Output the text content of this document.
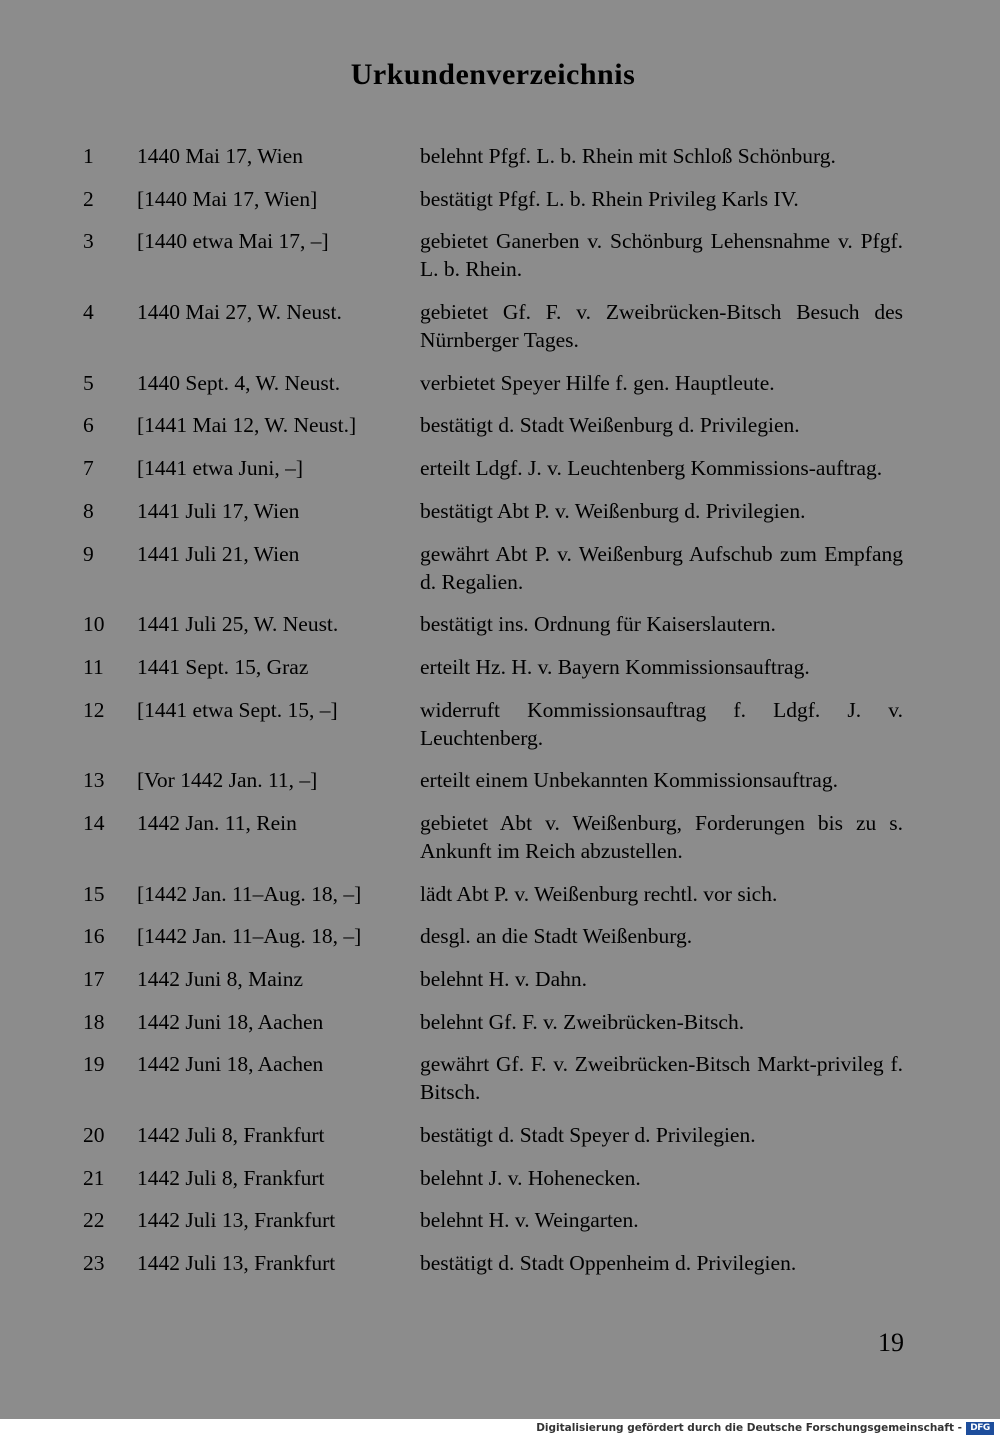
Urkundenverzeichnis
1	1440 Mai 17, Wien	belehnt Pfgf. L. b. Rhein mit Schloß Schönburg.
2	[1440 Mai 17, Wien]	bestätigt Pfgf. L. b. Rhein Privileg Karls IV.
3	[1440 etwa Mai 17, –]	gebietet Ganerben v. Schönburg Lehensnahme v. Pfgf. L. b. Rhein.
4	1440 Mai 27, W. Neust.	gebietet Gf. F. v. Zweibrücken-Bitsch Besuch des Nürnberger Tages.
5	1440 Sept. 4, W. Neust.	verbietet Speyer Hilfe f. gen. Hauptleute.
6	[1441 Mai 12, W. Neust.]	bestätigt d. Stadt Weißenburg d. Privilegien.
7	[1441 etwa Juni, –]	erteilt Ldgf. J. v. Leuchtenberg Kommissions-auftrag.
8	1441 Juli 17, Wien	bestätigt Abt P. v. Weißenburg d. Privilegien.
9	1441 Juli 21, Wien	gewährt Abt P. v. Weißenburg Aufschub zum Empfang d. Regalien.
10 1441 Juli 25, W. Neust.	bestätigt ins. Ordnung für Kaiserslautern.
11 1441 Sept. 15, Graz	erteilt Hz. H. v. Bayern Kommissionsauftrag.
12 [1441 etwa Sept. 15, –]	widerruft Kommissionsauftrag f. Ldgf. J. v. Leuchtenberg.
13 [Vor 1442 Jan. 11, –]	erteilt einem Unbekannten Kommissionsauftrag.
14 1442 Jan. 11, Rein	gebietet Abt v. Weißenburg, Forderungen bis zu s. Ankunft im Reich abzustellen.
15 [1442 Jan. 11–Aug. 18, –]	lädt Abt P. v. Weißenburg rechtl. vor sich.
16 [1442 Jan. 11–Aug. 18, –]	desgl. an die Stadt Weißenburg.
17 1442 Juni 8, Mainz	belehnt H. v. Dahn.
18 1442 Juni 18, Aachen	belehnt Gf. F. v. Zweibrücken-Bitsch.
19 1442 Juni 18, Aachen	gewährt Gf. F. v. Zweibrücken-Bitsch Markt-privileg f. Bitsch.
20 1442 Juli 8, Frankfurt	bestätigt d. Stadt Speyer d. Privilegien.
21 1442 Juli 8, Frankfurt	belehnt J. v. Hohenecken.
22 1442 Juli 13, Frankfurt	belehnt H. v. Weingarten.
23 1442 Juli 13, Frankfurt	bestätigt d. Stadt Oppenheim d. Privilegien.
19
Digitalisierung gefördert durch die Deutsche Forschungsgemeinschaft - DFG
